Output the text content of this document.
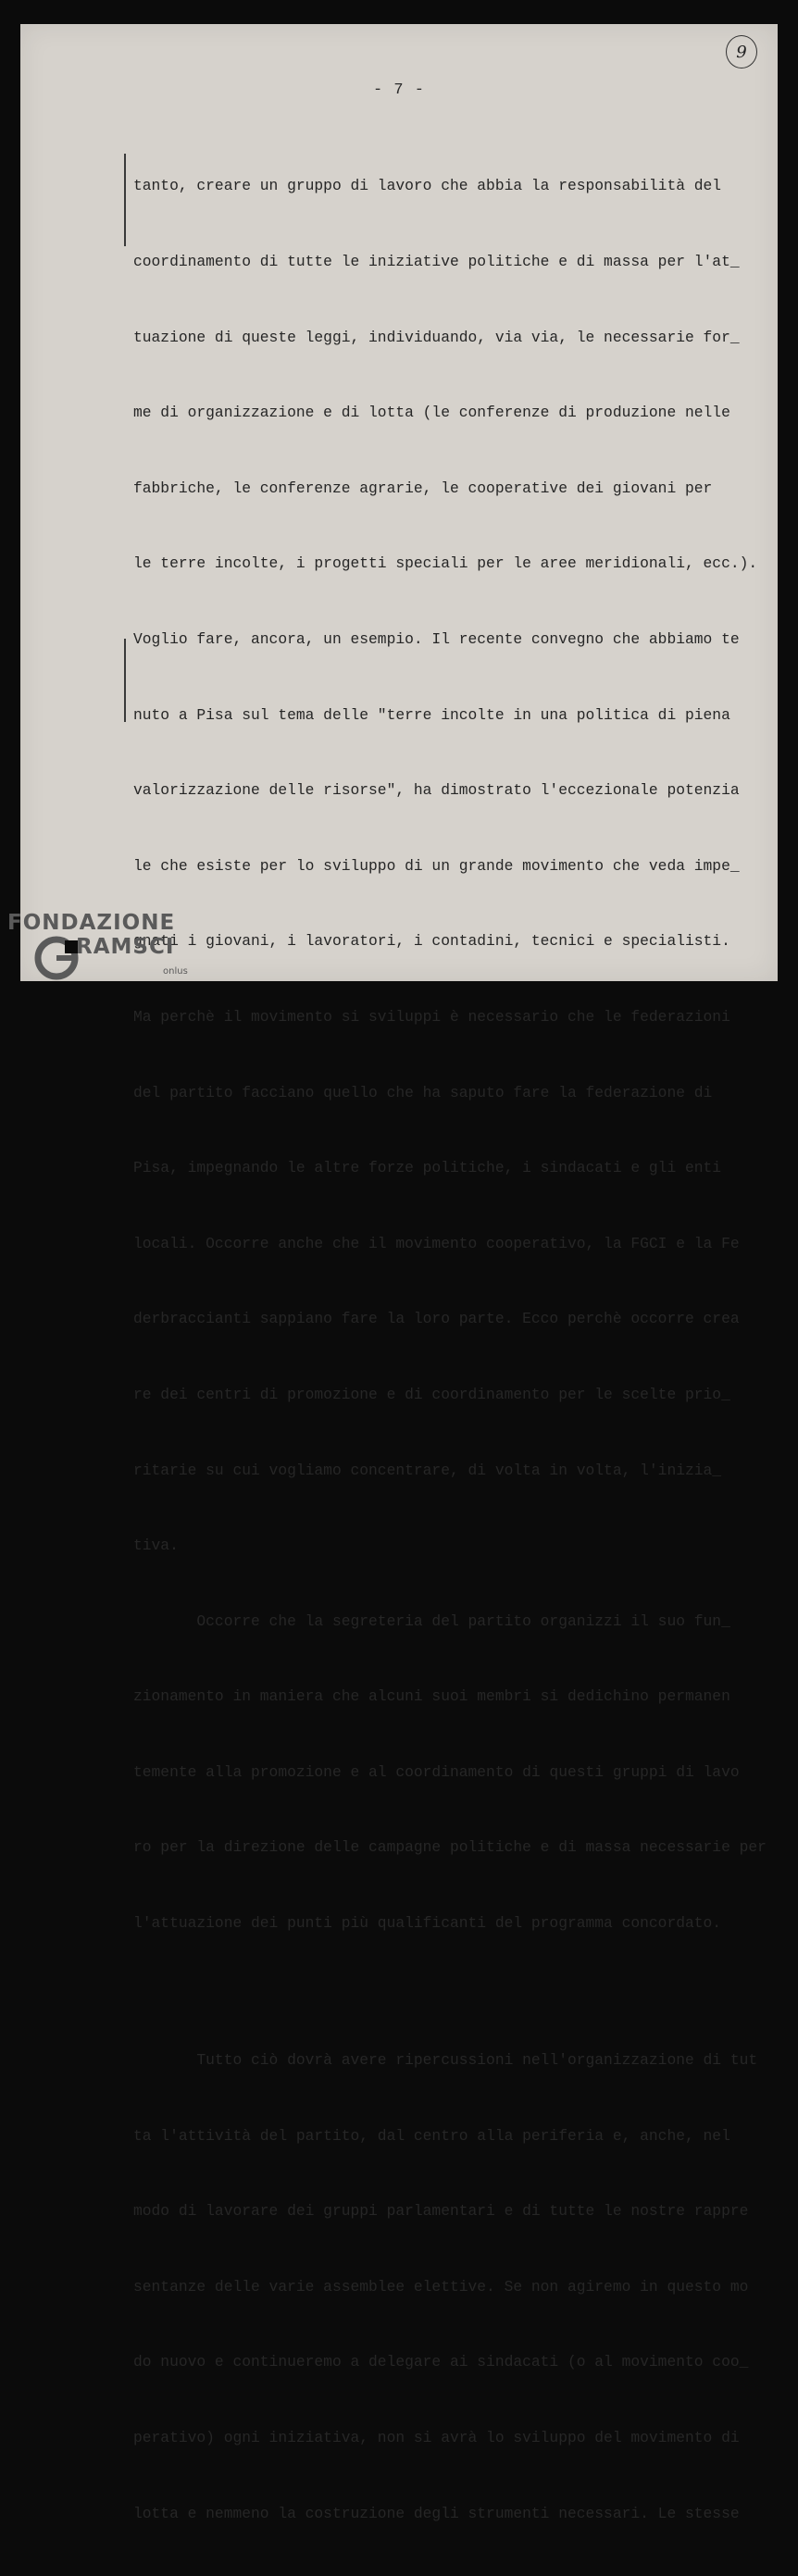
9
- 7 -

tanto, creare un gruppo di lavoro che abbia la responsabilità del

coordinamento di tutte le iniziative politiche e di massa per l'at_

tuazione di queste leggi, individuando, via via, le necessarie for_

me di organizzazione e di lotta (le conferenze di produzione nelle

fabbriche, le conferenze agrarie, le cooperative dei giovani per

le terre incolte, i progetti speciali per le aree meridionali, ecc.).

Voglio fare, ancora, un esempio. Il recente convegno che abbiamo te

nuto a Pisa sul tema delle "terre incolte in una politica di piena

valorizzazione delle risorse", ha dimostrato l'eccezionale potenzia

le che esiste per lo sviluppo di un grande movimento che veda impe_

gnati i giovani, i lavoratori, i contadini, tecnici e specialisti.

Ma perchè il movimento si sviluppi è necessario che le federazioni

del partito facciano quello che ha saputo fare la federazione di

Pisa, impegnando le altre forze politiche, i sindacati e gli enti

locali. Occorre anche che il movimento cooperativo, la FGCI e la Fe

derbraccianti sappiano fare la loro parte. Ecco perchè occorre crea

re dei centri di promozione e di coordinamento per le scelte prio_

ritarie su cui vogliamo concentrare, di volta in volta, l'inizia_

tiva.

Occorre che la segreteria del partito organizzi il suo fun_

zionamento in maniera che alcuni suoi membri si dedichino permanen

temente alla promozione e al coordinamento di questi gruppi di lavo

ro per la direzione delle campagne politiche e di massa necessarie per

l'attuazione dei punti più qualificanti del programma concordato.

Tutto ciò dovrà avere ripercussioni nell'organizzazione di tut

ta l'attività del partito, dal centro alla periferia e, anche, nel

modo di lavorare dei gruppi parlamentari e di tutte le nostre rappre

sentanze delle varie assemblee elettive. Se non agiremo in questo mo

do nuovo e continueremo a delegare ai sindacati (o al movimento coo_

perativo) ogni iniziativa, non si avrà lo sviluppo del movimento di

lotta e nemmeno la costruzione degli strumenti necessari. Le stesse

FONDAZIONE
RAMSCI
onlus
